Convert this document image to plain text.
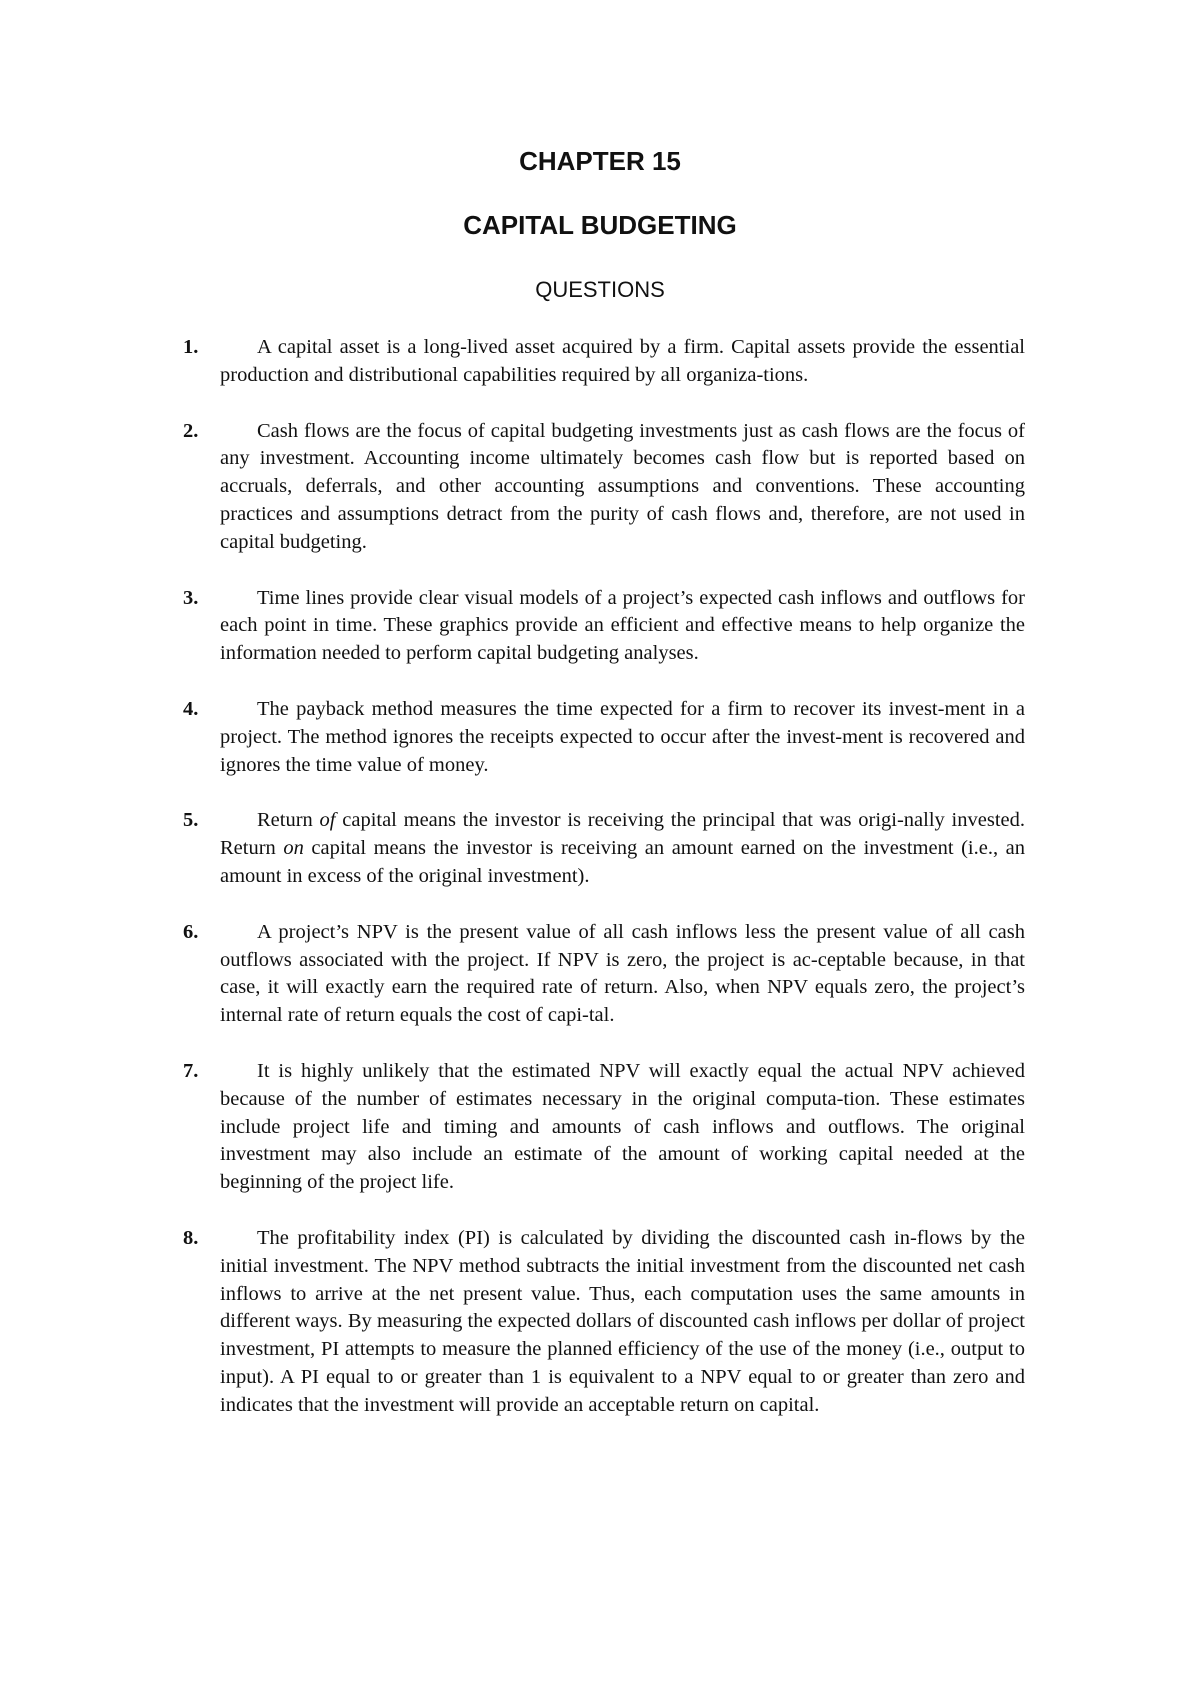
CHAPTER 15
CAPITAL BUDGETING
QUESTIONS

1.	A capital asset is a long-lived asset acquired by a firm. Capital assets provide the essential production and distributional capabilities required by all organiza-tions.

2.	Cash flows are the focus of capital budgeting investments just as cash flows are the focus of any investment. Accounting income ultimately becomes cash flow but is reported based on accruals, deferrals, and other accounting assumptions and conventions. These accounting practices and assumptions detract from the purity of cash flows and, therefore, are not used in capital budgeting.

3.	Time lines provide clear visual models of a project’s expected cash inflows and outflows for each point in time. These graphics provide an efficient and effective means to help organize the information needed to perform capital budgeting analyses.

4.	The payback method measures the time expected for a firm to recover its invest-ment in a project. The method ignores the receipts expected to occur after the invest-ment is recovered and ignores the time value of money.

5.	Return of capital means the investor is receiving the principal that was origi-nally invested. Return on capital means the investor is receiving an amount earned on the investment (i.e., an amount in excess of the original investment).

6.	A project’s NPV is the present value of all cash inflows less the present value of all cash outflows associated with the project. If NPV is zero, the project is ac-ceptable because, in that case, it will exactly earn the required rate of return. Also, when NPV equals zero, the project’s internal rate of return equals the cost of capi-tal.

7.	It is highly unlikely that the estimated NPV will exactly equal the actual NPV achieved because of the number of estimates necessary in the original computa-tion. These estimates include project life and timing and amounts of cash inflows and outflows. The original investment may also include an estimate of the amount of working capital needed at the beginning of the project life.

8.	The profitability index (PI) is calculated by dividing the discounted cash in-flows by the initial investment. The NPV method subtracts the initial investment from the discounted net cash inflows to arrive at the net present value. Thus, each computation uses the same amounts in different ways. By measuring the expected dollars of discounted cash inflows per dollar of project investment, PI attempts to measure the planned efficiency of the use of the money (i.e., output to input). A PI equal to or greater than 1 is equivalent to a NPV equal to or greater than zero and indicates that the investment will provide an acceptable return on capital.
